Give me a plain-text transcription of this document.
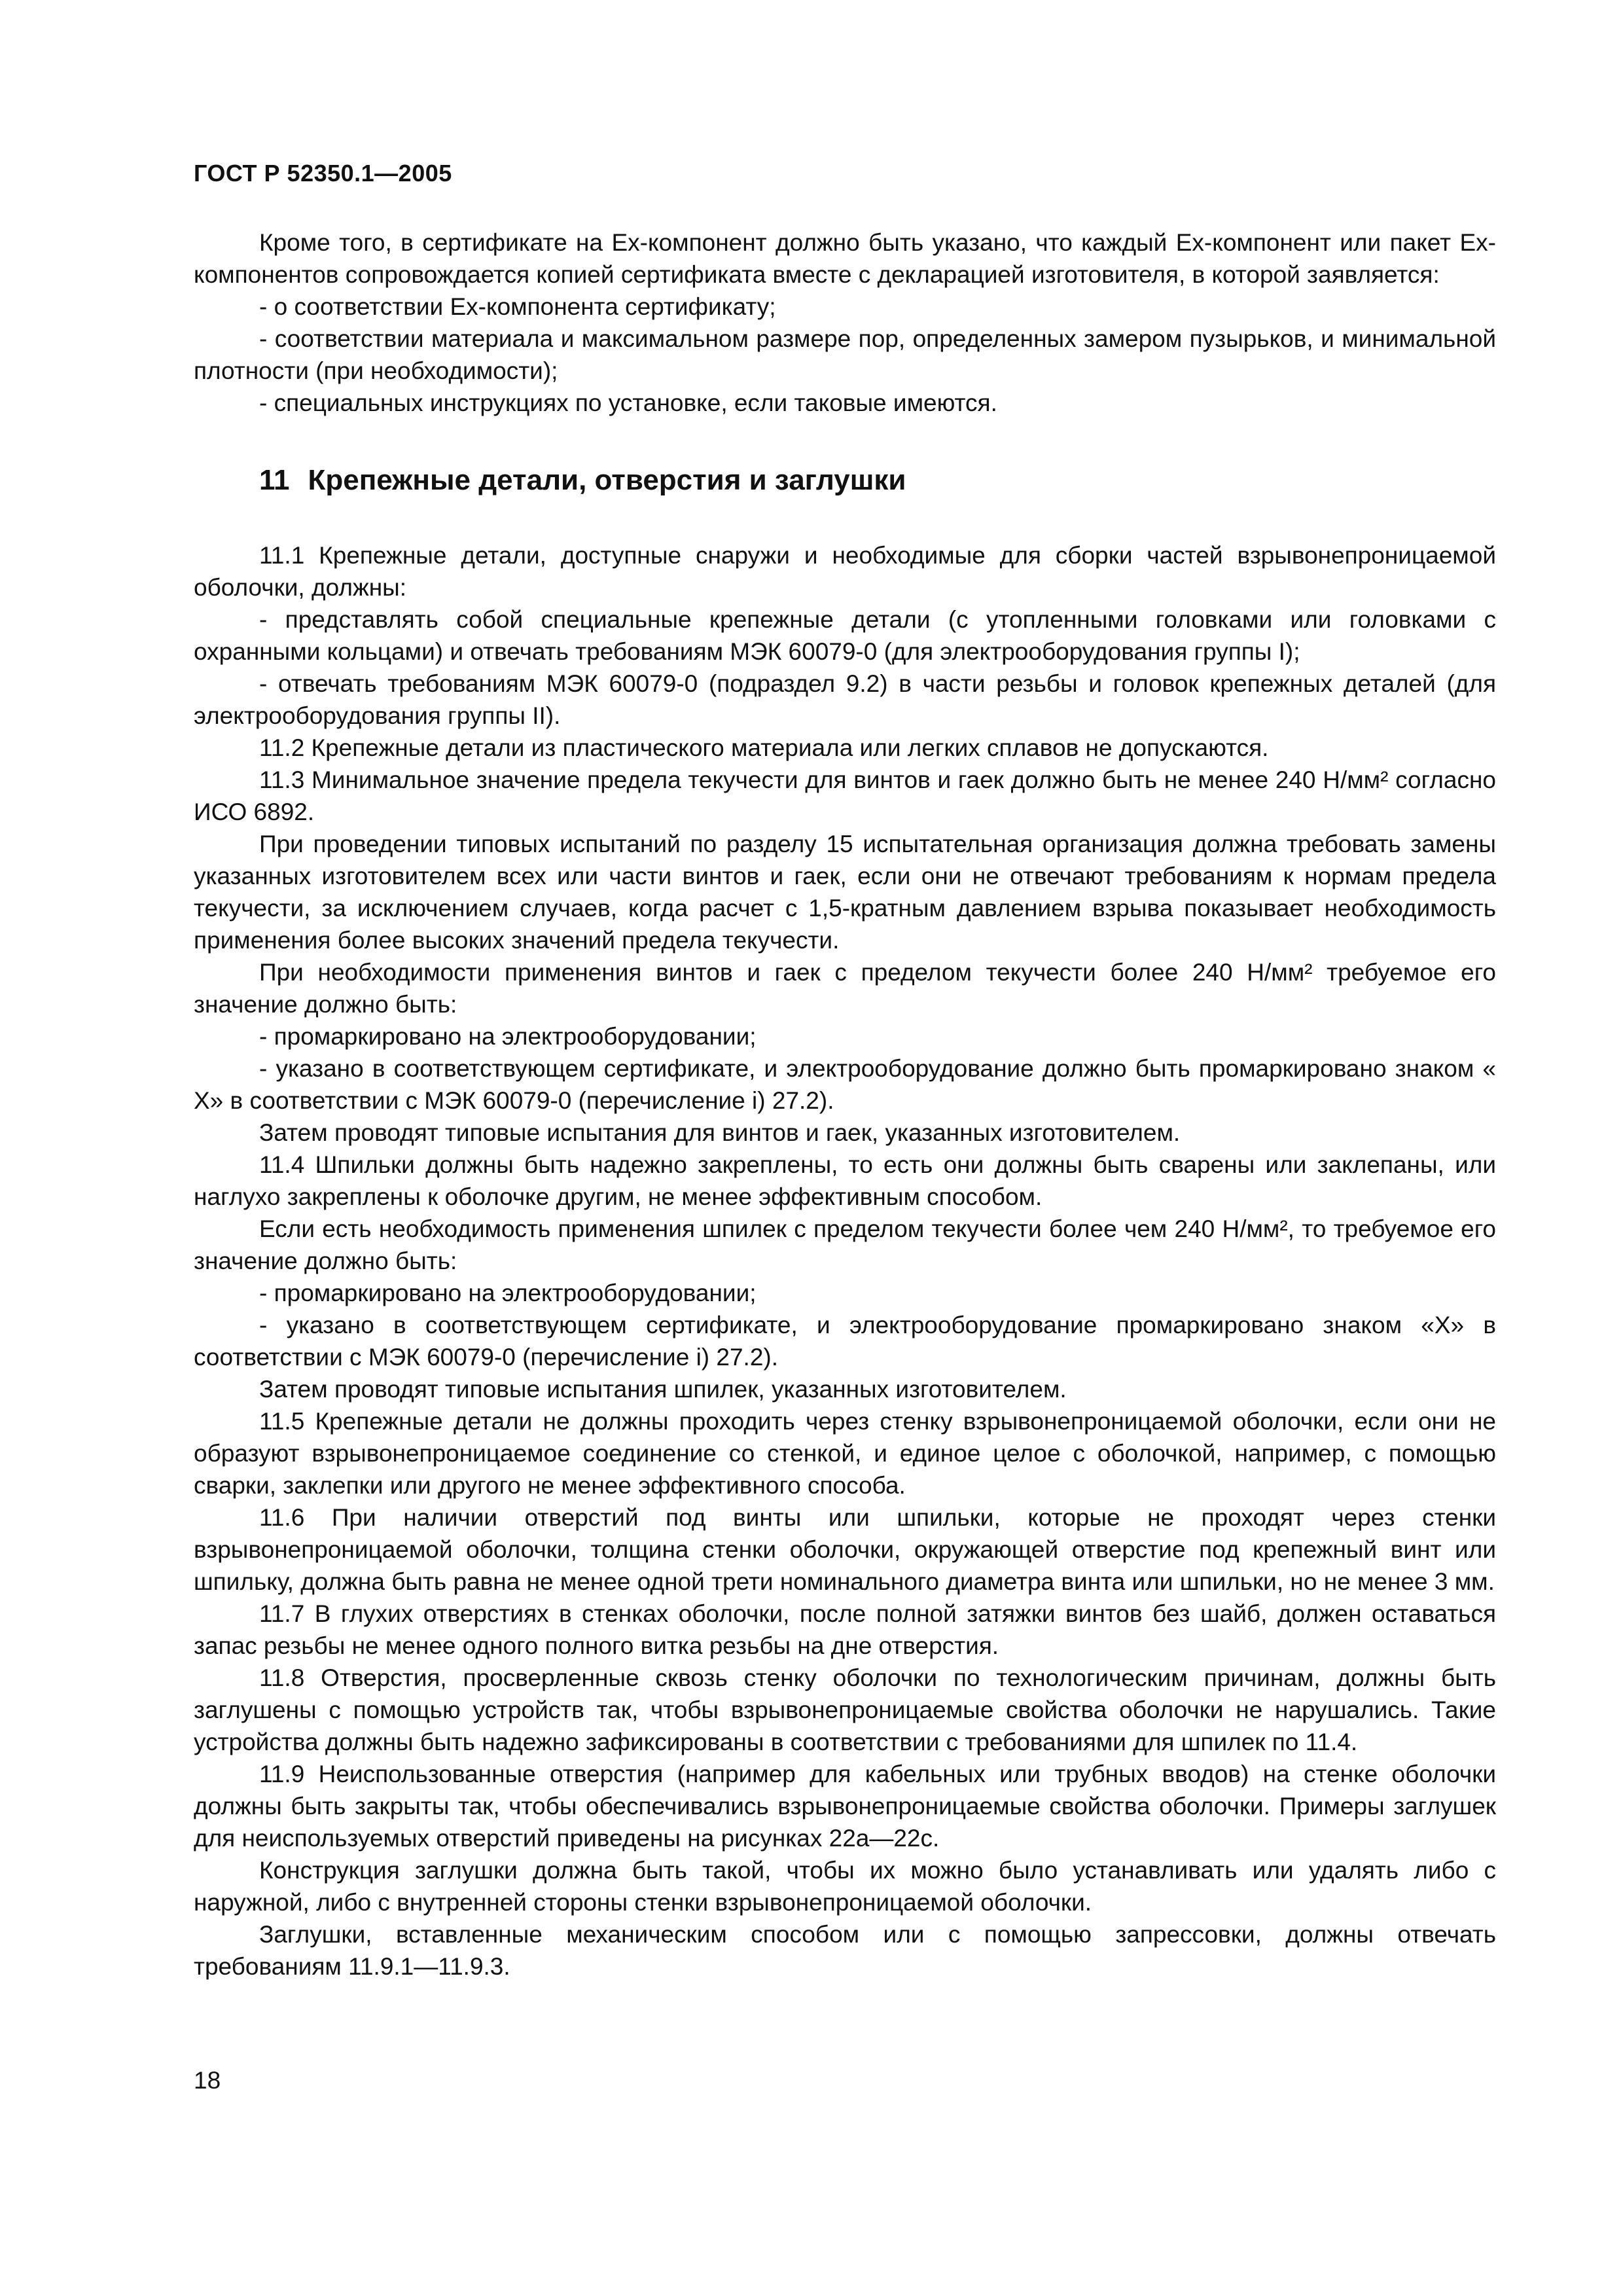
ГОСТ Р 52350.1—2005

Кроме того, в сертификате на Ex-компонент должно быть указано, что каждый Ex-компонент или пакет Ex-компонентов сопровождается копией сертификата вместе с декларацией изготовителя, в которой заявляется:

- о соответствии Ex-компонента сертификату;

- соответствии материала и максимальном размере пор, определенных замером пузырьков, и минимальной плотности (при необходимости);

- специальных инструкциях по установке, если таковые имеются.

11 Крепежные детали, отверстия и заглушки

11.1 Крепежные детали, доступные снаружи и необходимые для сборки частей взрывонепроницаемой оболочки, должны:

- представлять собой специальные крепежные детали (с утопленными головками или головками с охранными кольцами) и отвечать требованиям МЭК 60079-0 (для электрооборудования группы I);

- отвечать требованиям МЭК 60079-0 (подраздел 9.2) в части резьбы и головок крепежных деталей (для электрооборудования группы II).

11.2 Крепежные детали из пластического материала или легких сплавов не допускаются.

11.3 Минимальное значение предела текучести для винтов и гаек должно быть не менее 240 Н/мм² согласно ИСО 6892.

При проведении типовых испытаний по разделу 15 испытательная организация должна требовать замены указанных изготовителем всех или части винтов и гаек, если они не отвечают требованиям к нормам предела текучести, за исключением случаев, когда расчет с 1,5-кратным давлением взрыва показывает необходимость применения более высоких значений предела текучести.

При необходимости применения винтов и гаек с пределом текучести более 240 Н/мм² требуемое его значение должно быть:

- промаркировано на электрооборудовании;

- указано в соответствующем сертификате, и электрооборудование должно быть промаркировано знаком « X» в соответствии с МЭК 60079-0 (перечисление i) 27.2).

Затем проводят типовые испытания для винтов и гаек, указанных изготовителем.

11.4 Шпильки должны быть надежно закреплены, то есть они должны быть сварены или заклепаны, или наглухо закреплены к оболочке другим, не менее эффективным способом.

Если есть необходимость применения шпилек с пределом текучести более чем 240 Н/мм², то требуемое его значение должно быть:

- промаркировано на электрооборудовании;

- указано в соответствующем сертификате, и электрооборудование промаркировано знаком «X» в соответствии с МЭК 60079-0 (перечисление i) 27.2).

Затем проводят типовые испытания шпилек, указанных изготовителем.

11.5 Крепежные детали не должны проходить через стенку взрывонепроницаемой оболочки, если они не образуют взрывонепроницаемое соединение со стенкой, и единое целое с оболочкой, например, с помощью сварки, заклепки или другого не менее эффективного способа.

11.6 При наличии отверстий под винты или шпильки, которые не проходят через стенки взрывонепроницаемой оболочки, толщина стенки оболочки, окружающей отверстие под крепежный винт или шпильку, должна быть равна не менее одной трети номинального диаметра винта или шпильки, но не менее 3 мм.

11.7 В глухих отверстиях в стенках оболочки, после полной затяжки винтов без шайб, должен оставаться запас резьбы не менее одного полного витка резьбы на дне отверстия.

11.8 Отверстия, просверленные сквозь стенку оболочки по технологическим причинам, должны быть заглушены с помощью устройств так, чтобы взрывонепроницаемые свойства оболочки не нарушались. Такие устройства должны быть надежно зафиксированы в соответствии с требованиями для шпилек по 11.4.

11.9 Неиспользованные отверстия (например для кабельных или трубных вводов) на стенке оболочки должны быть закрыты так, чтобы обеспечивались взрывонепроницаемые свойства оболочки. Примеры заглушек для неиспользуемых отверстий приведены на рисунках 22a—22c.

Конструкция заглушки должна быть такой, чтобы их можно было устанавливать или удалять либо с наружной, либо с внутренней стороны стенки взрывонепроницаемой оболочки.

Заглушки, вставленные механическим способом или с помощью запрессовки, должны отвечать требованиям 11.9.1—11.9.3.

18
